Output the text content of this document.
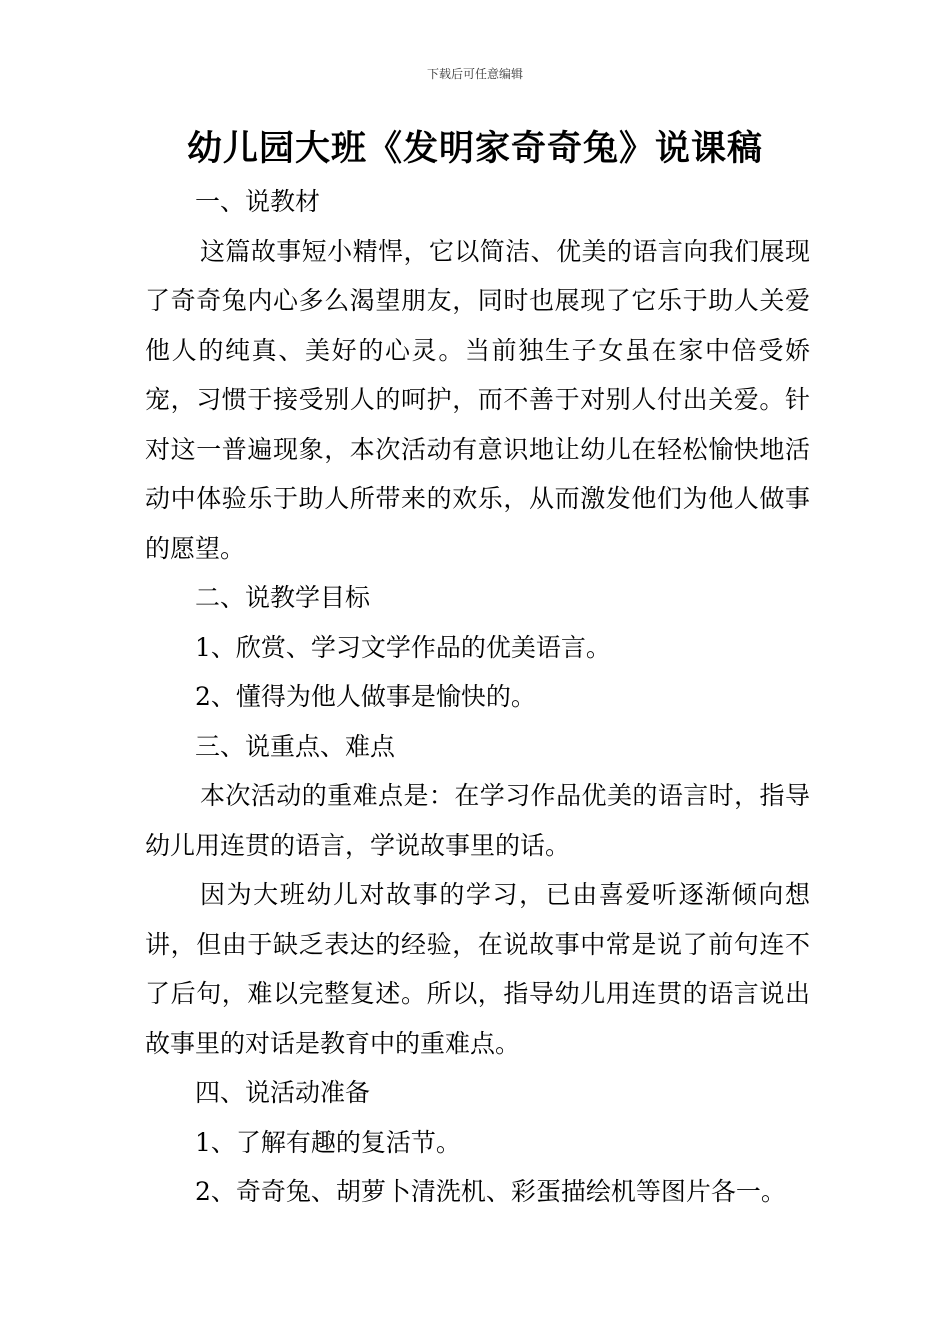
下载后可任意编辑
幼儿园大班《发明家奇奇兔》说课稿

一、说教材

这篇故事短小精悍，它以简洁、优美的语言向我们展现了奇奇兔内心多么渴望朋友，同时也展现了它乐于助人关爱他人的纯真、美好的心灵。当前独生子女虽在家中倍受娇宠，习惯于接受别人的呵护，而不善于对别人付出关爱。针对这一普遍现象，本次活动有意识地让幼儿在轻松愉快地活动中体验乐于助人所带来的欢乐，从而激发他们为他人做事的愿望。

二、说教学目标

1、欣赏、学习文学作品的优美语言。

2、懂得为他人做事是愉快的。

三、说重点、难点

本次活动的重难点是：在学习作品优美的语言时，指导幼儿用连贯的语言，学说故事里的话。

因为大班幼儿对故事的学习，已由喜爱听逐渐倾向想讲，但由于缺乏表达的经验，在说故事中常是说了前句连不了后句，难以完整复述。所以，指导幼儿用连贯的语言说出故事里的对话是教育中的重难点。

四、说活动准备

1、了解有趣的复活节。

2、奇奇兔、胡萝卜清洗机、彩蛋描绘机等图片各一。
